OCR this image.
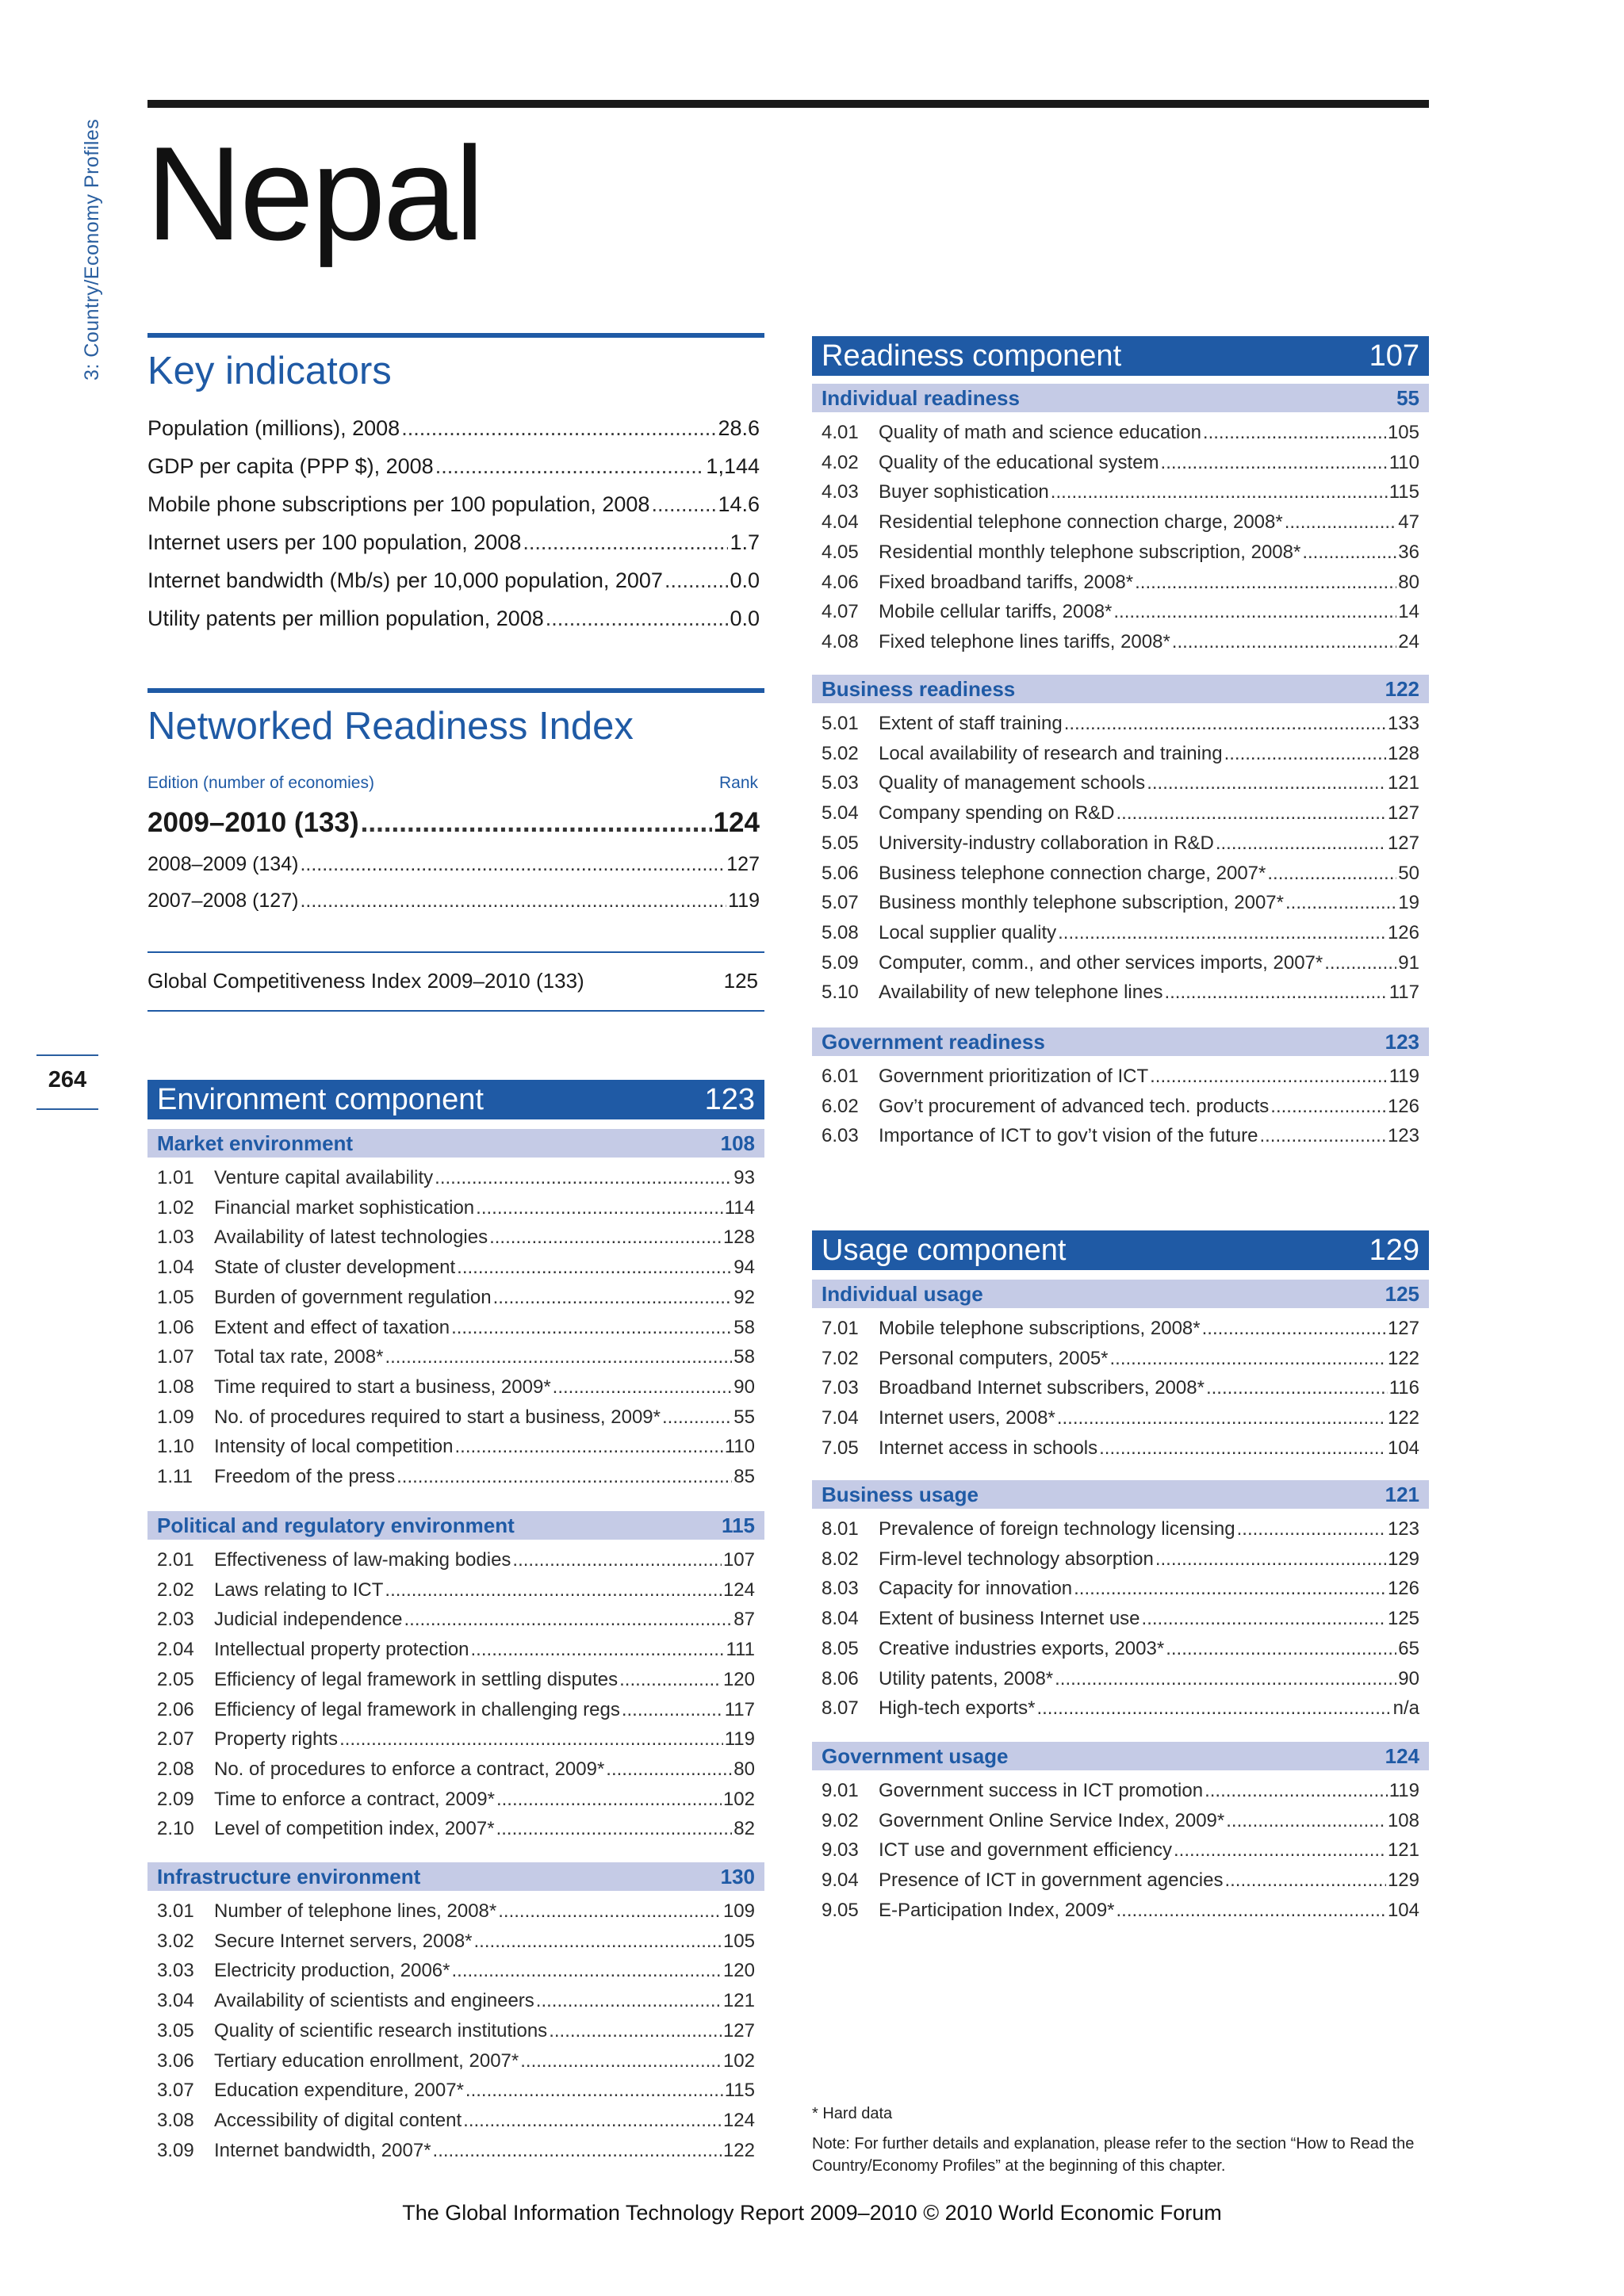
3: Country/Economy Profiles Nepal
264
Key indicators
Population (millions), 2008 .....	28.6
GDP per capita (PPP $), 2008 .....	1,144
Mobile phone subscriptions per 100 population, 2008 .....	14.6
Internet users per 100 population, 2008 .....	1.7
Internet bandwidth (Mb/s) per 10,000 population, 2007 .....	0.0
Utility patents per million population, 2008 .....	0.0
Networked Readiness Index
Edition (number of economies)	Rank
2009–2010 (133) .....	124
2008–2009 (134) .....	127
2007–2008 (127) .....	119
Global Competitiveness Index 2009–2010 (133)	125
Environment component	123
Market environment	108
1.01	Venture capital availability .....	93
1.02	Financial market sophistication .....	114
1.03	Availability of latest technologies .....	128
1.04	State of cluster development .....	94
1.05	Burden of government regulation .....	92
1.06	Extent and effect of taxation .....	58
1.07	Total tax rate, 2008* .....	58
1.08	Time required to start a business, 2009* .....	90
1.09	No. of procedures required to start a business, 2009* .....	55
1.10	Intensity of local competition .....	110
1.11	Freedom of the press .....	85
Political and regulatory environment	115
2.01	Effectiveness of law-making bodies .....	107
2.02	Laws relating to ICT .....	124
2.03	Judicial independence .....	87
2.04	Intellectual property protection .....	111
2.05	Efficiency of legal framework in settling disputes .....	120
2.06	Efficiency of legal framework in challenging regs .....	117
2.07	Property rights .....	119
2.08	No. of procedures to enforce a contract, 2009* .....	80
2.09	Time to enforce a contract, 2009* .....	102
2.10	Level of competition index, 2007* .....	82
Infrastructure environment	130
3.01	Number of telephone lines, 2008* .....	109
3.02	Secure Internet servers, 2008* .....	105
3.03	Electricity production, 2006* .....	120
3.04	Availability of scientists and engineers .....	121
3.05	Quality of scientific research institutions .....	127
3.06	Tertiary education enrollment, 2007* .....	102
3.07	Education expenditure, 2007* .....	115
3.08	Accessibility of digital content .....	124
3.09	Internet bandwidth, 2007* .....	122
Readiness component	107
Individual readiness	55
4.01	Quality of math and science education .....	105
4.02	Quality of the educational system .....	110
4.03	Buyer sophistication .....	115
4.04	Residential telephone connection charge, 2008* .....	47
4.05	Residential monthly telephone subscription, 2008* .....	36
4.06	Fixed broadband tariffs, 2008* .....	80
4.07	Mobile cellular tariffs, 2008* .....	14
4.08	Fixed telephone lines tariffs, 2008* .....	24
Business readiness	122
5.01	Extent of staff training .....	133
5.02	Local availability of research and training .....	128
5.03	Quality of management schools .....	121
5.04	Company spending on R&D .....	127
5.05	University-industry collaboration in R&D .....	127
5.06	Business telephone connection charge, 2007* .....	50
5.07	Business monthly telephone subscription, 2007* .....	19
5.08	Local supplier quality .....	126
5.09	Computer, comm., and other services imports, 2007* .....	91
5.10	Availability of new telephone lines .....	117
Government readiness	123
6.01	Government prioritization of ICT .....	119
6.02	Gov’t procurement of advanced tech. products .....	126
6.03	Importance of ICT to gov’t vision of the future .....	123
Usage component	129
Individual usage	125
7.01	Mobile telephone subscriptions, 2008* .....	127
7.02	Personal computers, 2005* .....	122
7.03	Broadband Internet subscribers, 2008* .....	116
7.04	Internet users, 2008* .....	122
7.05	Internet access in schools .....	104
Business usage	121
8.01	Prevalence of foreign technology licensing .....	123
8.02	Firm-level technology absorption .....	129
8.03	Capacity for innovation .....	126
8.04	Extent of business Internet use .....	125
8.05	Creative industries exports, 2003* .....	65
8.06	Utility patents, 2008* .....	90
8.07	High-tech exports* .....	n/a
Government usage	124
9.01	Government success in ICT promotion .....	119
9.02	Government Online Service Index, 2009* .....	108
9.03	ICT use and government efficiency .....	121
9.04	Presence of ICT in government agencies .....	129
9.05	E-Participation Index, 2009* .....	104
* Hard data
Note: For further details and explanation, please refer to the section “How to Read the Country/Economy Profiles” at the beginning of this chapter.
The Global Information Technology Report 2009–2010 © 2010 World Economic Forum
